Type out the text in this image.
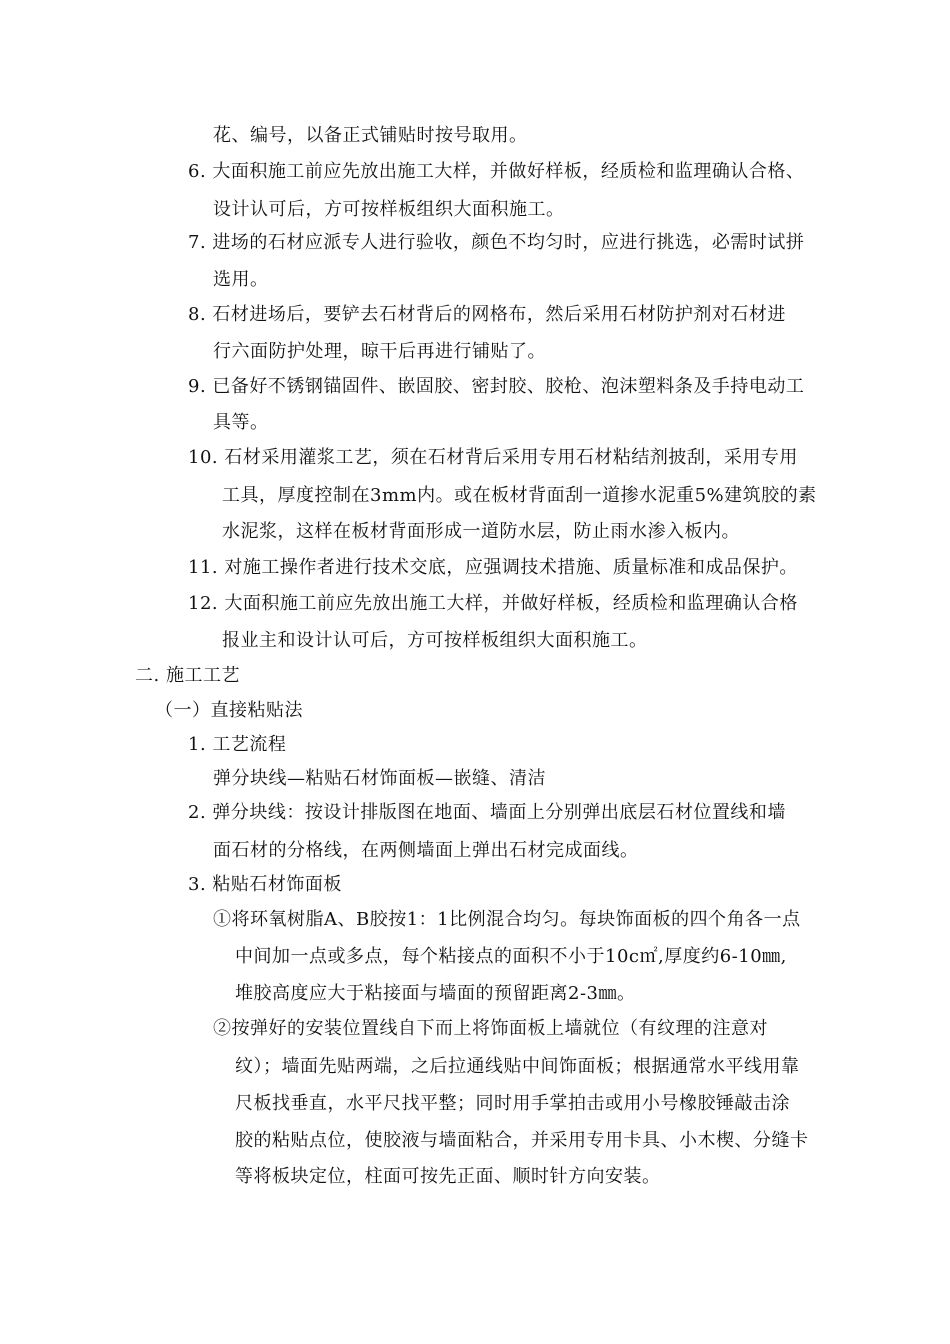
花、编号，以备正式铺贴时按号取用。
6. 大面积施工前应先放出施工大样，并做好样板，经质检和监理确认合格、
设计认可后，方可按样板组织大面积施工。
7. 进场的石材应派专人进行验收，颜色不均匀时，应进行挑选，必需时试拼
选用。
8. 石材进场后，要铲去石材背后的网格布，然后采用石材防护剂对石材进
行六面防护处理，晾干后再进行铺贴了。
9. 已备好不锈钢锚固件、嵌固胶、密封胶、胶枪、泡沫塑料条及手持电动工
具等。
10. 石材采用灌浆工艺，须在石材背后采用专用石材粘结剂披刮，采用专用
工具，厚度控制在3mm内。或在板材背面刮一道掺水泥重5%建筑胶的素
水泥浆，这样在板材背面形成一道防水层，防止雨水渗入板内。
11. 对施工操作者进行技术交底，应强调技术措施、质量标准和成品保护。
12. 大面积施工前应先放出施工大样，并做好样板，经质检和监理确认合格
报业主和设计认可后，方可按样板组织大面积施工。
二. 施工工艺
（一）直接粘贴法
1. 工艺流程
弹分块线—粘贴石材饰面板—嵌缝、清洁
2. 弹分块线：按设计排版图在地面、墙面上分别弹出底层石材位置线和墙
面石材的分格线，在两侧墙面上弹出石材完成面线。
3. 粘贴石材饰面板
①将环氧树脂A、B胶按1：1比例混合均匀。每块饰面板的四个角各一点
中间加一点或多点，每个粘接点的面积不小于10c㎡,厚度约6-10㎜,
堆胶高度应大于粘接面与墙面的预留距离2-3㎜。
②按弹好的安装位置线自下而上将饰面板上墙就位（有纹理的注意对
纹）；墙面先贴两端，之后拉通线贴中间饰面板；根据通常水平线用靠
尺板找垂直，水平尺找平整；同时用手掌拍击或用小号橡胶锤敲击涂
胶的粘贴点位，使胶液与墙面粘合，并采用专用卡具、小木楔、分缝卡
等将板块定位，柱面可按先正面、顺时针方向安装。
